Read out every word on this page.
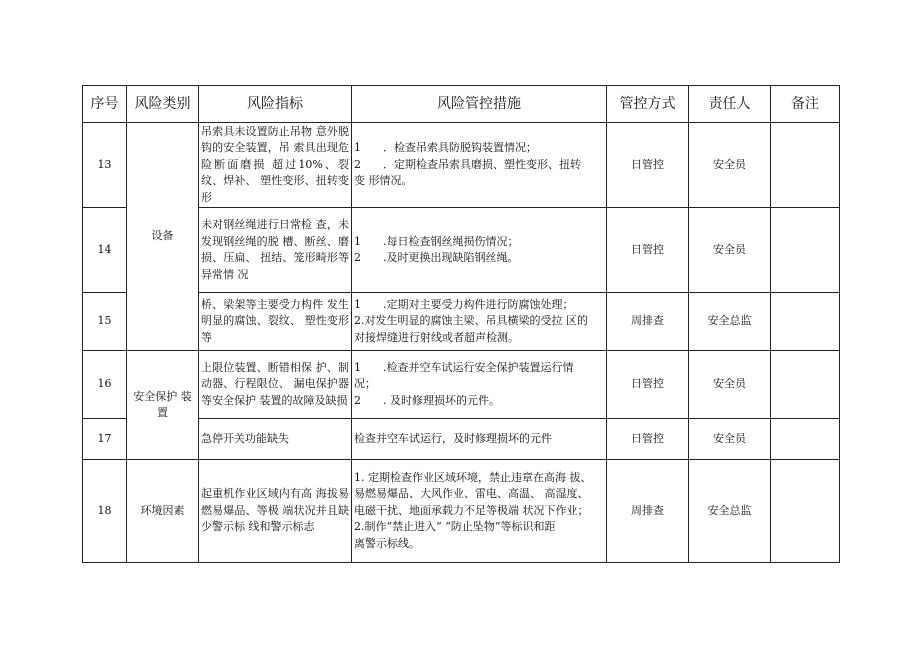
序号	风险类别	风险指标	风险管控措施	管控方式	责任人	备注
13	设备	吊索具未设置防止吊物 意外脱钩的安全装置，吊 索具出现危险断面磨损 超过10%、裂纹、焊补、 塑性变形、扭转变形	1　　．检查吊索具防脱钩装置情况；
2　　．定期检查吊索具磨损、塑性变形、扭转
变 形情况。	日管控	安全员	
14		未对钢丝绳进行日常检 查，未发现钢丝绳的脱 槽、断丝、磨损、压扁、 扭结、笼形畸形等异常情 况	1　　.每日检查钢丝绳损伤情况；
2　　.及时更换出现缺陷钢丝绳。	日管控	安全员	
15		桥、梁架等主要受力构件 发生明显的腐蚀、裂纹、 塑性变形等	1　　.定期对主要受力构件进行防腐蚀处理；
2.对发生明显的腐蚀主梁、吊具横梁的受拉 区的
对接焊缝进行射线或者超声检测。	周排查	安全总监	
16	安全保护 装置	上限位装置、断错相保 护、制动器、行程限位、 漏电保护器等安全保护 装置的故障及缺损	1　　.检查并空车试运行安全保护装置运行情
况；
2　　. 及时修理损坏的元件。	日管控	安全员	
17		急停开关功能缺失	检查并空车试运行，及时修理损坏的元件	日管控	安全员	
18	环境因素	起重机作业区域内有高 海拔易燃易爆品、等极 端状况并且缺少警示标 线和警示标志	1. 定期检查作业区域环境，禁止违章在高海 拔、
易燃易爆品、大风作业、雷电、高温、 高湿度、
电磁干扰、地面承载力不足等极端 状况下作业；
2.制作“禁止进入” “防止坠物”等标识和距
离警示标线。	周排查	安全总监	
